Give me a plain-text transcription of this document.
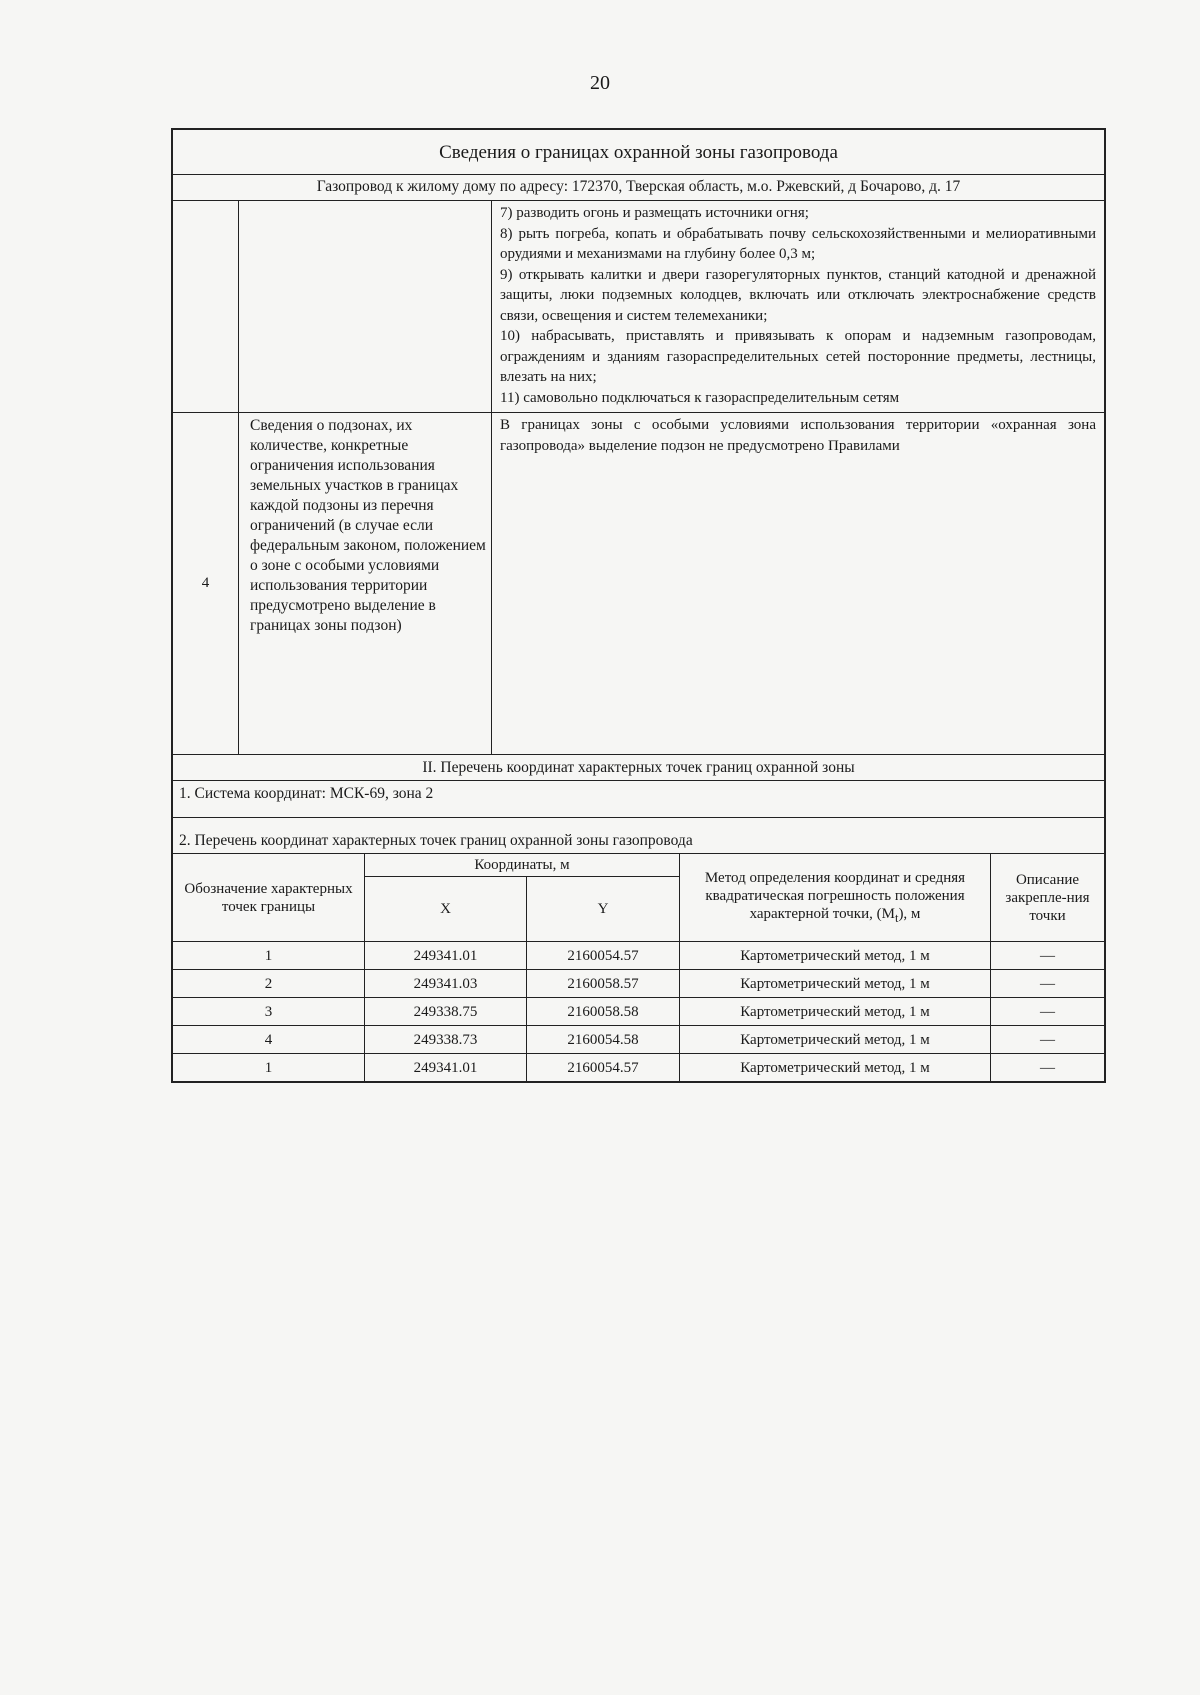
20
Сведения о границах охранной зоны газопровода		
Газопровод к жилому дому по адресу: 172370, Тверская область, м.о. Ржевский, д Бочарово, д. 17		

		7) разводить огонь и размещать источники огня;

8) рыть погреба, копать и обрабатывать почву сельскохозяйственными и мелиоративными орудиями и механизмами на глубину более 0,3 м;

9) открывать калитки и двери газорегуляторных пунктов, станций катодной и дренажной защиты, люки подземных колодцев, включать или отключать электроснабжение средств связи, освещения и систем телемеханики;

10) набрасывать, приставлять и привязывать к опорам и надземным газопроводам, ограждениям и зданиям газораспределительных сетей посторонние предметы, лестницы, влезать на них;

11) самовольно подключаться к газораспределительным сетям

4	Сведения о подзонах, их количестве, конкретные ограничения использования земельных участков в границах каждой подзоны из перечня ограничений (в случае если федеральным законом, положением о зоне с особыми условиями использования территории предусмотрено выделение в границах зоны подзон)	В границах зоны с особыми условиями использования территории «охранная зона газопровода» выделение подзон не предусмотрено Правилами
II. Перечень координат характерных точек границ охранной зоны		
1. Система координат: МСК-69, зона 2		
2. Перечень координат характерных точек границ охранной зоны газопровода		
Обозначение характерных точек границы	Координаты, м		Метод определения координат и средняя квадратическая погрешность положения характерной точки, $(M_t)$, м	Описание закрепле-ния точки
	X	Y		
1	249341.01	2160054.57	Картометрический метод, 1 м	—
2	249341.03	2160058.57	Картометрический метод, 1 м	—
3	249338.75	2160058.58	Картометрический метод, 1 м	—
4	249338.73	2160054.58	Картометрический метод, 1 м	—
1	249341.01	2160054.57	Картометрический метод, 1 м	—
